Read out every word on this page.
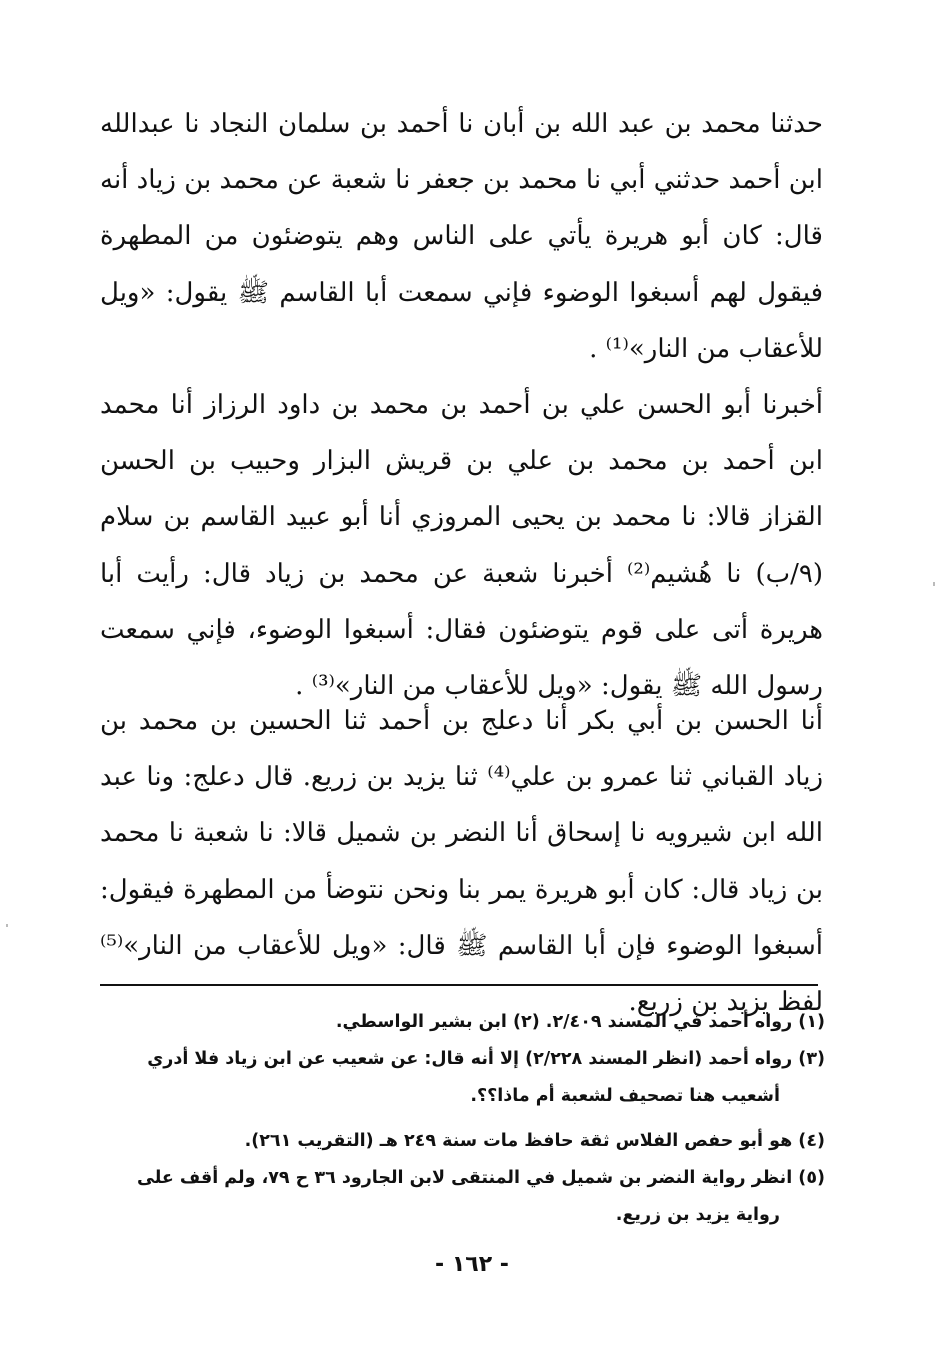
حدثنا محمد بن عبد الله بن أبان نا أحمد بن سلمان النجاد نا عبدالله ابن أحمد حدثني أبي نا محمد بن جعفر نا شعبة عن محمد بن زياد أنه قال: كان أبو هريرة يأتي على الناس وهم يتوضئون من المطهرة فيقول لهم أسبغوا الوضوء فإني سمعت أبا القاسم ﷺ يقول: «ويل للأعقاب من النار»⁽¹⁾ .

أخبرنا أبو الحسن علي بن أحمد بن محمد بن داود الرزاز أنا محمد ابن أحمد بن محمد بن علي بن قريش البزار وحبيب بن الحسن القزاز قالا: نا محمد بن يحيى المروزي أنا أبو عبيد القاسم بن سلام (٩/ب) نا هُشيم⁽²⁾ أخبرنا شعبة عن محمد بن زياد قال: رأيت أبا هريرة أتى على قوم يتوضئون فقال: أسبغوا الوضوء، فإني سمعت رسول الله ﷺ يقول: «ويل للأعقاب من النار»⁽³⁾ .

أنا الحسن بن أبي بكر أنا دعلج بن أحمد ثنا الحسين بن محمد بن زياد القباني ثنا عمرو بن علي⁽⁴⁾ ثنا يزيد بن زريع. قال دعلج: ونا عبد الله ابن شيرويه نا إسحاق أنا النضر بن شميل قالا: نا شعبة نا محمد بن زياد قال: كان أبو هريرة يمر بنا ونحن نتوضأ من المطهرة فيقول: أسبغوا الوضوء فإن أبا القاسم ﷺ قال: «ويل للأعقاب من النار»⁽⁵⁾ لفظ يزيد بن زريع.

(١) رواه أحمد في المسند ٢/٤٠٩. (٢) ابن بشير الواسطي.
(٣) رواه أحمد (انظر المسند ٢/٢٢٨) إلا أنه قال: عن شعيب عن ابن زياد فلا أدري
أشعيب هنا تصحيف لشعبة أم ماذا؟؟.
(٤) هو أبو حفص الفلاس ثقة حافظ مات سنة ٢٤٩ هـ (التقريب ٢٦١).
(٥) انظر رواية النضر بن شميل في المنتقى لابن الجارود ٣٦ ح ٧٩، ولم أقف على
رواية يزيد بن زريع.
- ١٦٢ -
